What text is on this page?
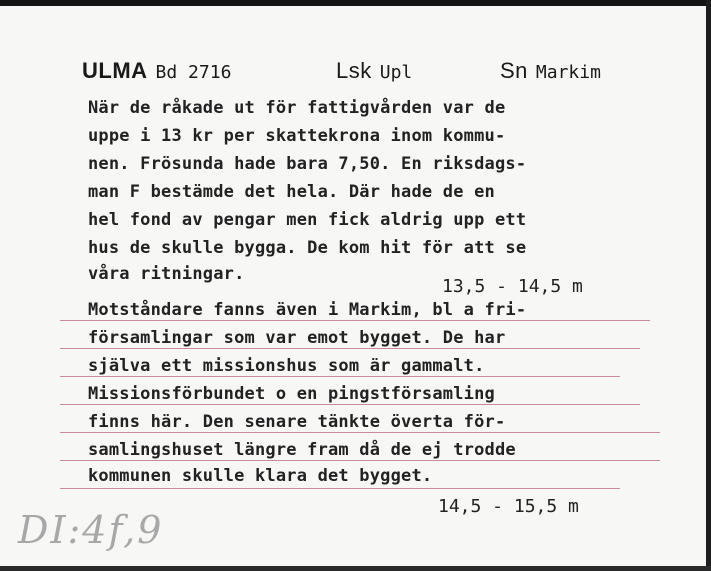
ULMA Bd 2716	Lsk Upl	Sn Markim
När de råkade ut för fattigvården var de
uppe i 13 kr per skattekrona inom kommu-
nen. Frösunda hade bara 7,50. En riksdags-
man F bestämde det hela. Där hade de en
hel fond av pengar men fick aldrig upp ett
hus de skulle bygga. De kom hit för att se
våra ritningar.
13,5 - 14,5 m
Motståndare fanns även i Markim, bl a fri-
församlingar som var emot bygget. De har
själva ett missionshus som är gammalt.
Missionsförbundet o en pingstförsamling
finns här. Den senare tänkte överta för-
samlingshuset längre fram då de ej trodde
kommunen skulle klara det bygget.
14,5 - 15,5 m
DI:4f,9
